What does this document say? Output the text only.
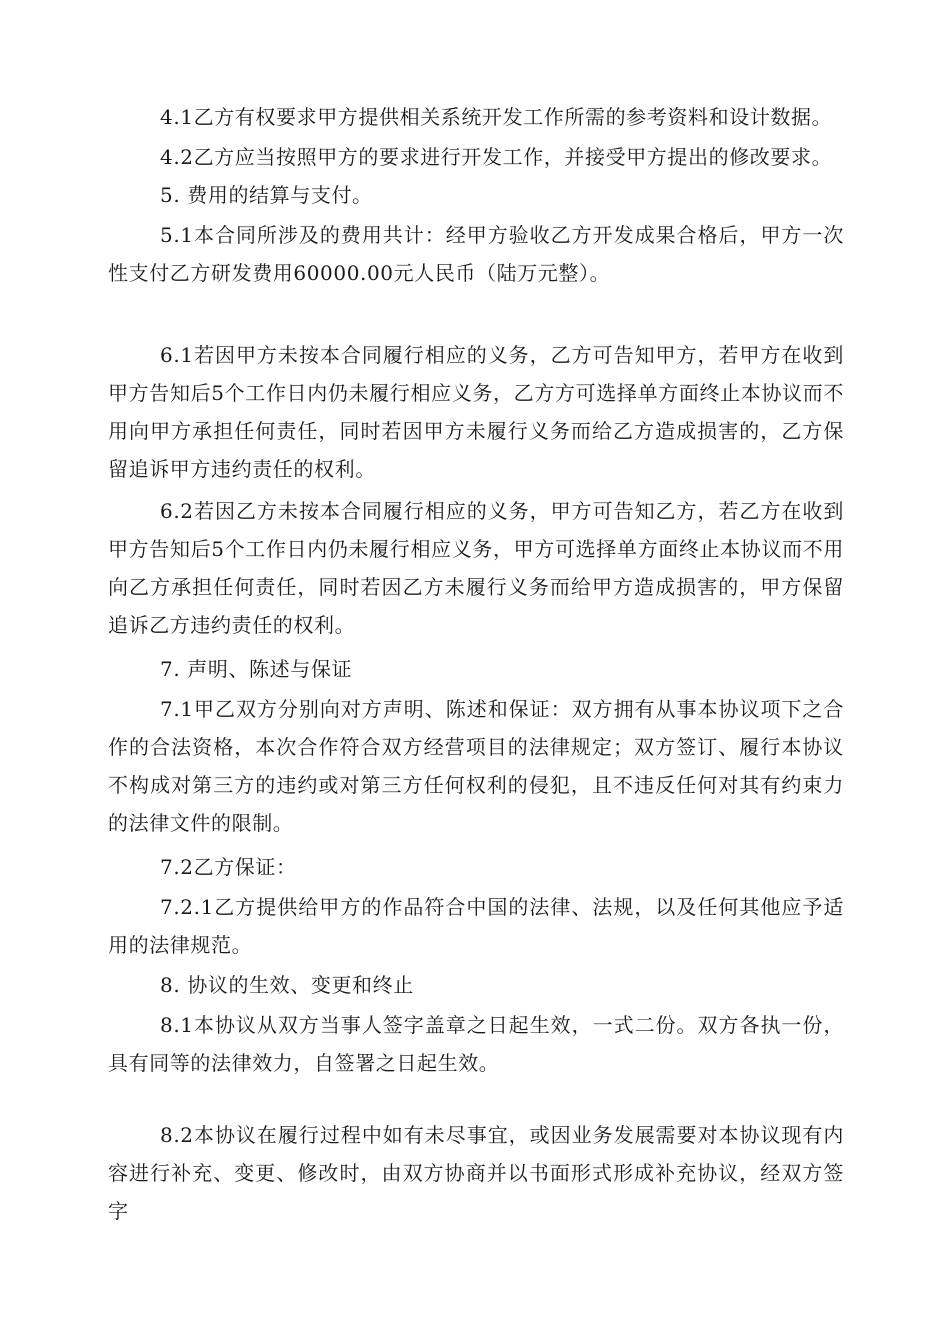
4.1乙方有权要求甲方提供相关系统开发工作所需的参考资料和设计数据。

4.2乙方应当按照甲方的要求进行开发工作，并接受甲方提出的修改要求。

5. 费用的结算与支付。

5.1本合同所涉及的费用共计：经甲方验收乙方开发成果合格后，甲方一次性支付乙方研发费用60000.00元人民币（陆万元整）。

6.1若因甲方未按本合同履行相应的义务，乙方可告知甲方，若甲方在收到甲方告知后5个工作日内仍未履行相应义务，乙方方可选择单方面终止本协议而不用向甲方承担任何责任，同时若因甲方未履行义务而给乙方造成损害的，乙方保留追诉甲方违约责任的权利。

6.2若因乙方未按本合同履行相应的义务，甲方可告知乙方，若乙方在收到甲方告知后5个工作日内仍未履行相应义务，甲方可选择单方面终止本协议而不用向乙方承担任何责任，同时若因乙方未履行义务而给甲方造成损害的，甲方保留追诉乙方违约责任的权利。

7. 声明、陈述与保证

7.1甲乙双方分别向对方声明、陈述和保证：双方拥有从事本协议项下之合作的合法资格，本次合作符合双方经营项目的法律规定；双方签订、履行本协议不构成对第三方的违约或对第三方任何权利的侵犯，且不违反任何对其有约束力的法律文件的限制。

7.2乙方保证：

7.2.1乙方提供给甲方的作品符合中国的法律、法规，以及任何其他应予适用的法律规范。

8. 协议的生效、变更和终止

8.1本协议从双方当事人签字盖章之日起生效，一式二份。双方各执一份，具有同等的法律效力，自签署之日起生效。

8.2本协议在履行过程中如有未尽事宜，或因业务发展需要对本协议现有内容进行补充、变更、修改时，由双方协商并以书面形式形成补充协议，经双方签字
